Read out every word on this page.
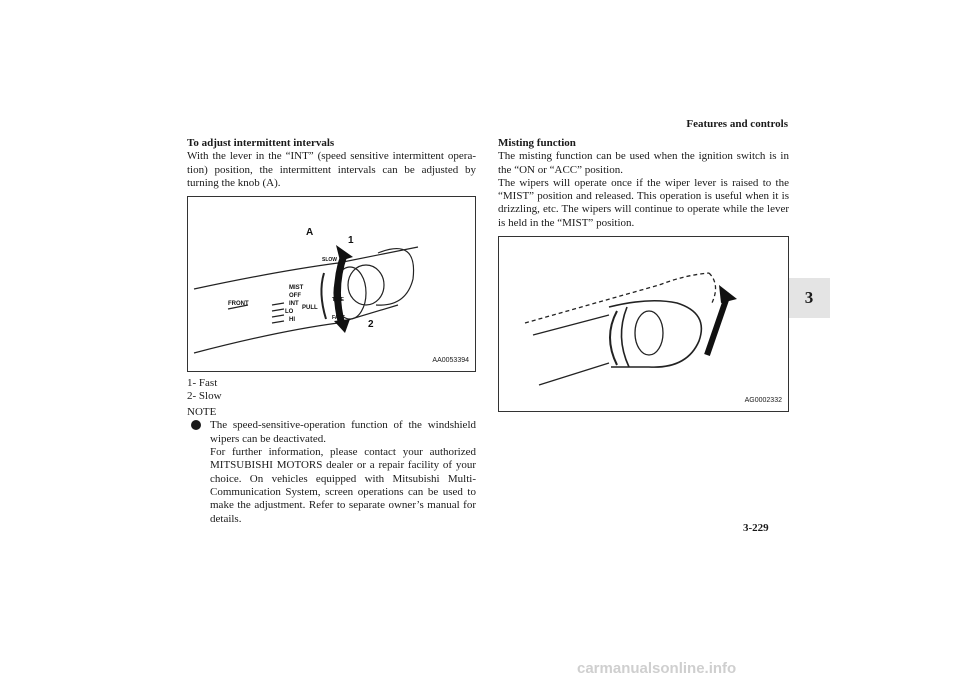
Features and controls
3
To adjust intermittent intervals
With the lever in the “INT” (speed sensitive intermittent opera-tion) position, the intermittent intervals can be adjusted by turning the knob (A).
A
1
2
FRONT
MIST
OFF
INT
LO
HI
PULL
SLOW
TIME
FAST
AA0053394
1- Fast
2- Slow
NOTE

The speed-sensitive-operation function of the windshield wipers can be deactivated.

For further information, please contact your authorized MITSUBISHI MOTORS dealer or a repair facility of your choice. On vehicles equipped with Mitsubishi Multi-Communication System, screen operations can be used to make the adjustment. Refer to separate owner’s manual for details.

Misting function
The misting function can be used when the ignition switch is in the “ON or “ACC” position.
The wipers will operate once if the wiper lever is raised to the “MIST” position and released. This operation is useful when it is drizzling, etc. The wipers will continue to operate while the lever is held in the “MIST” position.
AG0002332
3-229
carmanualsonline.info
